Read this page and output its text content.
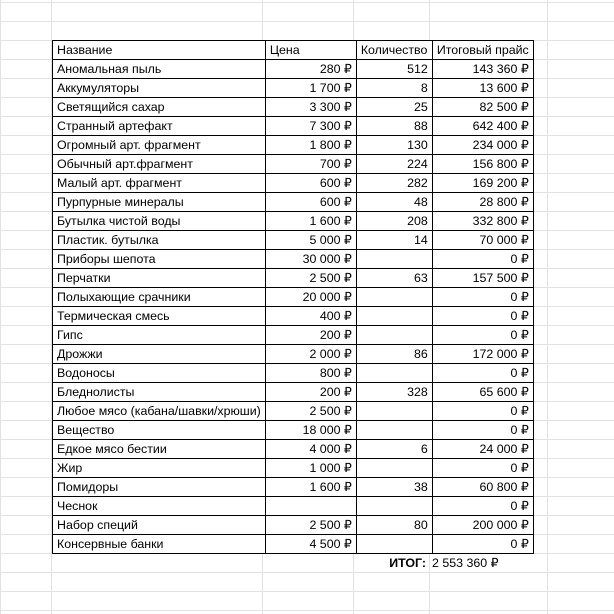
Название	Цена	Количество	Итоговый прайс
Аномальная пыль	280 ₽	512	143 360 ₽
Аккумуляторы	1 700 ₽	8	13 600 ₽
Светящийся сахар	3 300 ₽	25	82 500 ₽
Странный артефакт	7 300 ₽	88	642 400 ₽
Огромный арт. фрагмент	1 800 ₽	130	234 000 ₽
Обычный арт.фрагмент	700 ₽	224	156 800 ₽
Малый арт. фрагмент	600 ₽	282	169 200 ₽
Пурпурные минералы	600 ₽	48	28 800 ₽
Бутылка чистой воды	1 600 ₽	208	332 800 ₽
Пластик. бутылка	5 000 ₽	14	70 000 ₽
Приборы шепота	30 000 ₽		0 ₽
Перчатки	2 500 ₽	63	157 500 ₽
Полыхающие срачники	20 000 ₽		0 ₽
Термическая смесь	400 ₽		0 ₽
Гипс	200 ₽		0 ₽
Дрожжи	2 000 ₽	86	172 000 ₽
Водоносы	800 ₽		0 ₽
Бледнолисты	200 ₽	328	65 600 ₽
Любое мясо (кабана/шавки/хрюши)	2 500 ₽		0 ₽
Вещество	18 000 ₽		0 ₽
Едкое мясо бестии	4 000 ₽	6	24 000 ₽
Жир	1 000 ₽		0 ₽
Помидоры	1 600 ₽	38	60 800 ₽
Чеснок			0 ₽
Набор специй	2 500 ₽	80	200 000 ₽
Консервные банки	4 500 ₽		0 ₽
ИТОГ: 2 553 360 ₽
